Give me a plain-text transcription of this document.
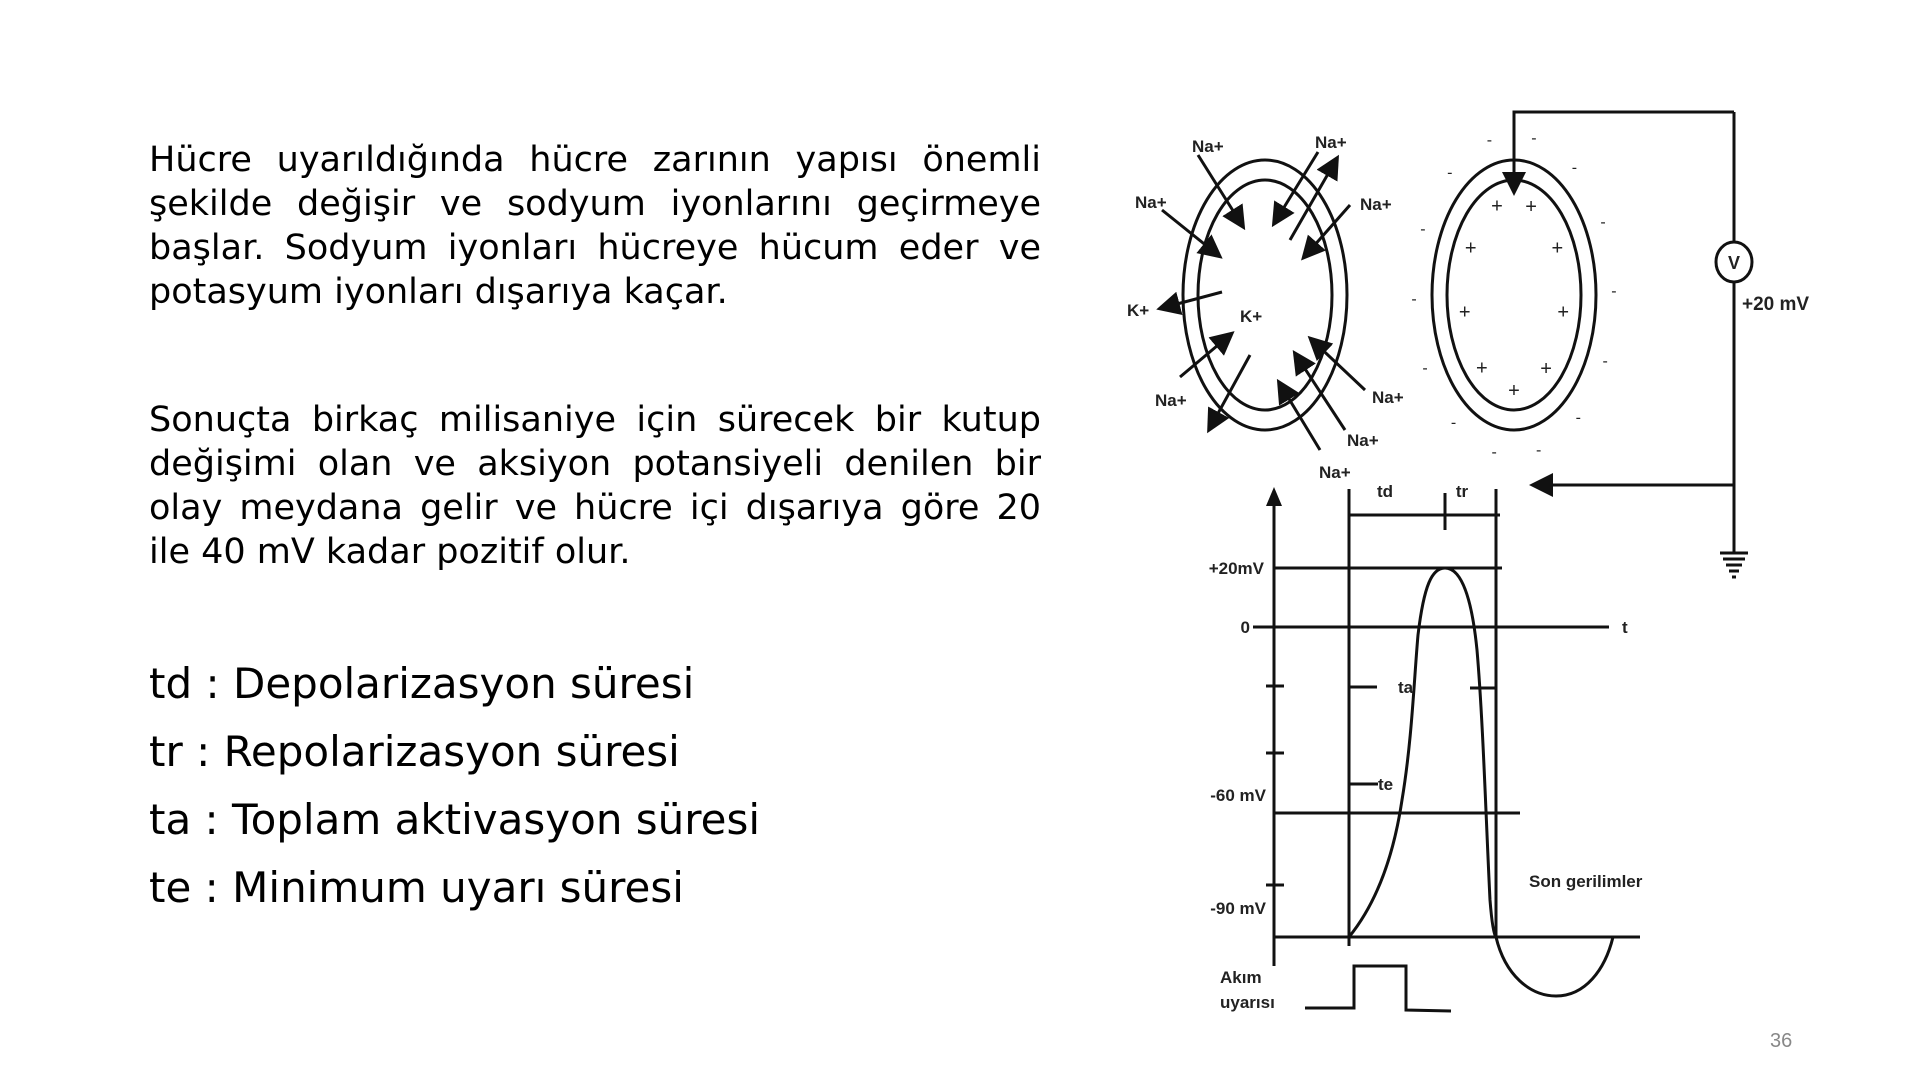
Hücre uyarıldığında hücre zarının yapısı önemli şekilde değişir ve sodyum iyonlarını geçirmeye başlar. Sodyum iyonları hücreye hücum eder ve potasyum iyonları dışarıya kaçar.
Sonuçta birkaç milisaniye için sürecek bir kutup değişimi olan ve aksiyon potansiyeli denilen bir olay meydana gelir ve hücre içi dışarıya göre 20 ile 40 mV kadar pozitif olur.
td : Depolarizasyon süresi
tr : Repolarizasyon süresi
ta : Toplam aktivasyon süresi
te : Minimum uyarı süresi
Na+	Na+
Na+	Na+
K+	K+
Na+	Na+
Na+
Na+
+
+
+
+
+
+
+
+
+
-
-
-
-
-
-
-
-
-
-
-
-
-
-
V
+20 mV
td	tr
ta
te
t
+20mV
0
-60 mV
-90 mV
Son gerilimler
Akım
uyarısı
36
